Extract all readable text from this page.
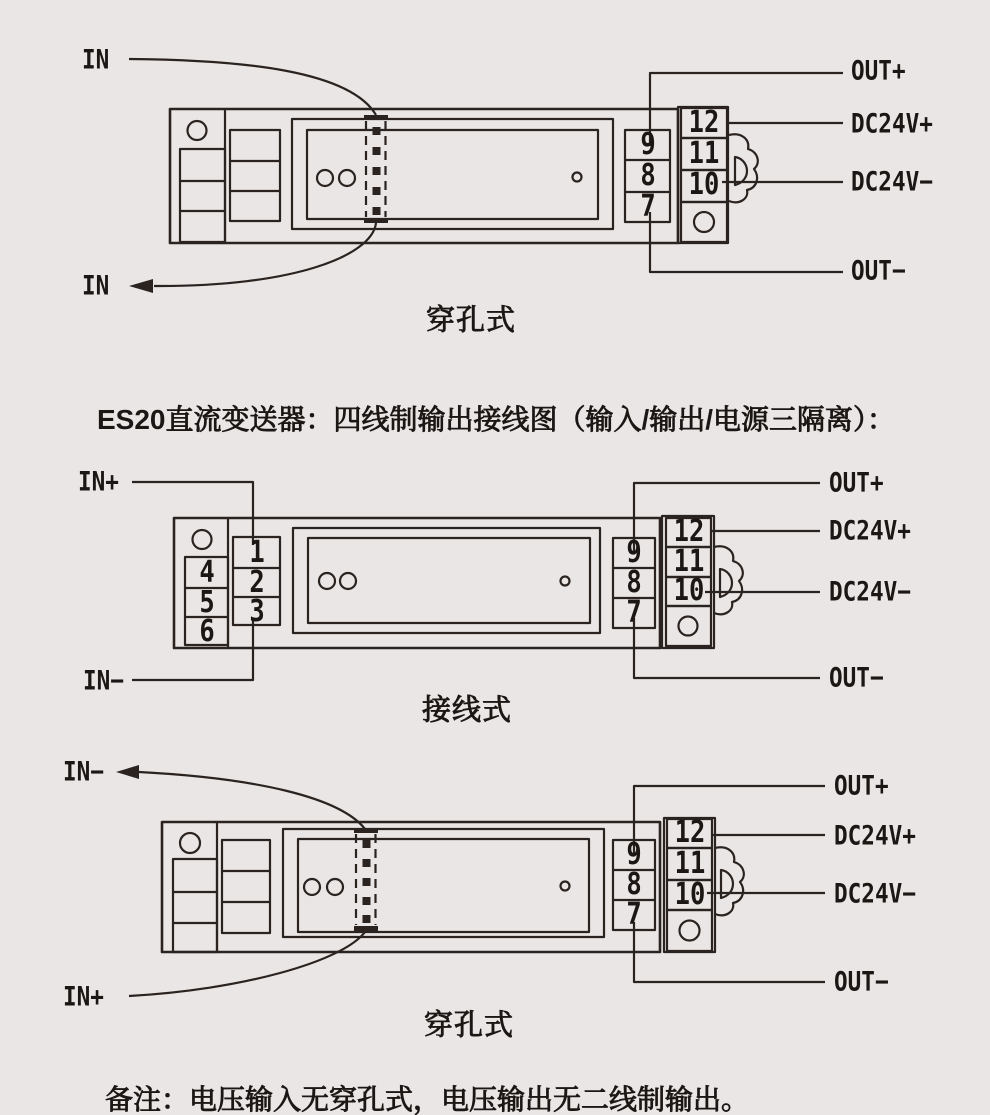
IN
IN
OUT+
DC24V+
DC24V−
OUT−
9
8
7
12
11
10
穿孔式
ES20直流变送器：四线制输出接线图（输入/输出/电源三隔离）：
IN+
IN−
OUT+
DC24V+
DC24V−
OUT−
1
2
3
4
5
6
9
8
7
12
11
10
接线式
IN−
IN+
OUT+
DC24V+
DC24V−
OUT−
9
8
7
12
11
10
穿孔式
备注：电压输入无穿孔式，电压输出无二线制输出。
